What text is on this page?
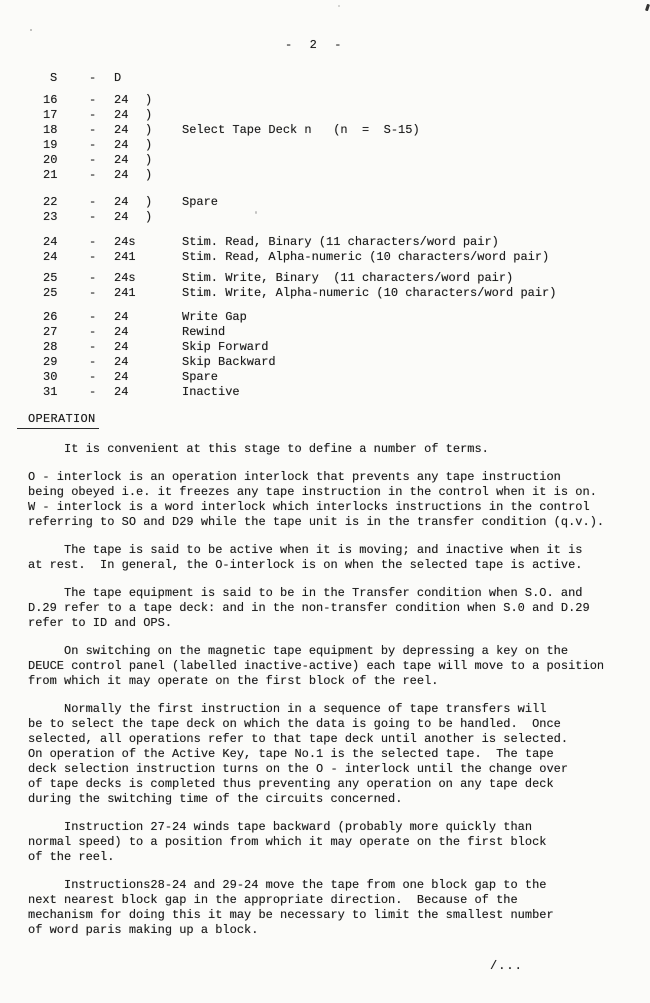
-  2  -
S	-	D
16	-	24	)
17	-	24	)
18	-	24	)	Select Tape Deck n   (n  =  S-15)
19	-	24	)
20	-	24	)
21	-	24	)
22	-	24	)	Spare
23	-	24	)
24	-	24s	Stim. Read, Binary (11 characters/word pair)
24	-	241	Stim. Read, Alpha-numeric (10 characters/word pair)
25	-	24s	Stim. Write, Binary  (11 characters/word pair)
25	-	241	Stim. Write, Alpha-numeric (10 characters/word pair)
26	-	24	Write Gap
27	-	24	Rewind
28	-	24	Skip Forward
29	-	24	Skip Backward
30	-	24	Spare
31	-	24	Inactive
OPERATION
It is convenient at this stage to define a number of terms.
O - interlock is an operation interlock that prevents any tape instruction
being obeyed i.e. it freezes any tape instruction in the control when it is on.
W - interlock is a word interlock which interlocks instructions in the control
referring to SO and D29 while the tape unit is in the transfer condition (q.v.).
The tape is said to be active when it is moving; and inactive when it is
at rest.  In general, the O-interlock is on when the selected tape is active.
The tape equipment is said to be in the Transfer condition when S.O. and
D.29 refer to a tape deck: and in the non-transfer condition when S.0 and D.29
refer to ID and OPS.
On switching on the magnetic tape equipment by depressing a key on the
DEUCE control panel (labelled inactive-active) each tape will move to a position
from which it may operate on the first block of the reel.
Normally the first instruction in a sequence of tape transfers will
be to select the tape deck on which the data is going to be handled.  Once
selected, all operations refer to that tape deck until another is selected.
On operation of the Active Key, tape No.1 is the selected tape.  The tape
deck selection instruction turns on the O - interlock until the change over
of tape decks is completed thus preventing any operation on any tape deck
during the switching time of the circuits concerned.
Instruction 27-24 winds tape backward (probably more quickly than
normal speed) to a position from which it may operate on the first block
of the reel.
Instructions28-24 and 29-24 move the tape from one block gap to the
next nearest block gap in the appropriate direction.  Because of the
mechanism for doing this it may be necessary to limit the smallest number
of word paris making up a block.
/...
